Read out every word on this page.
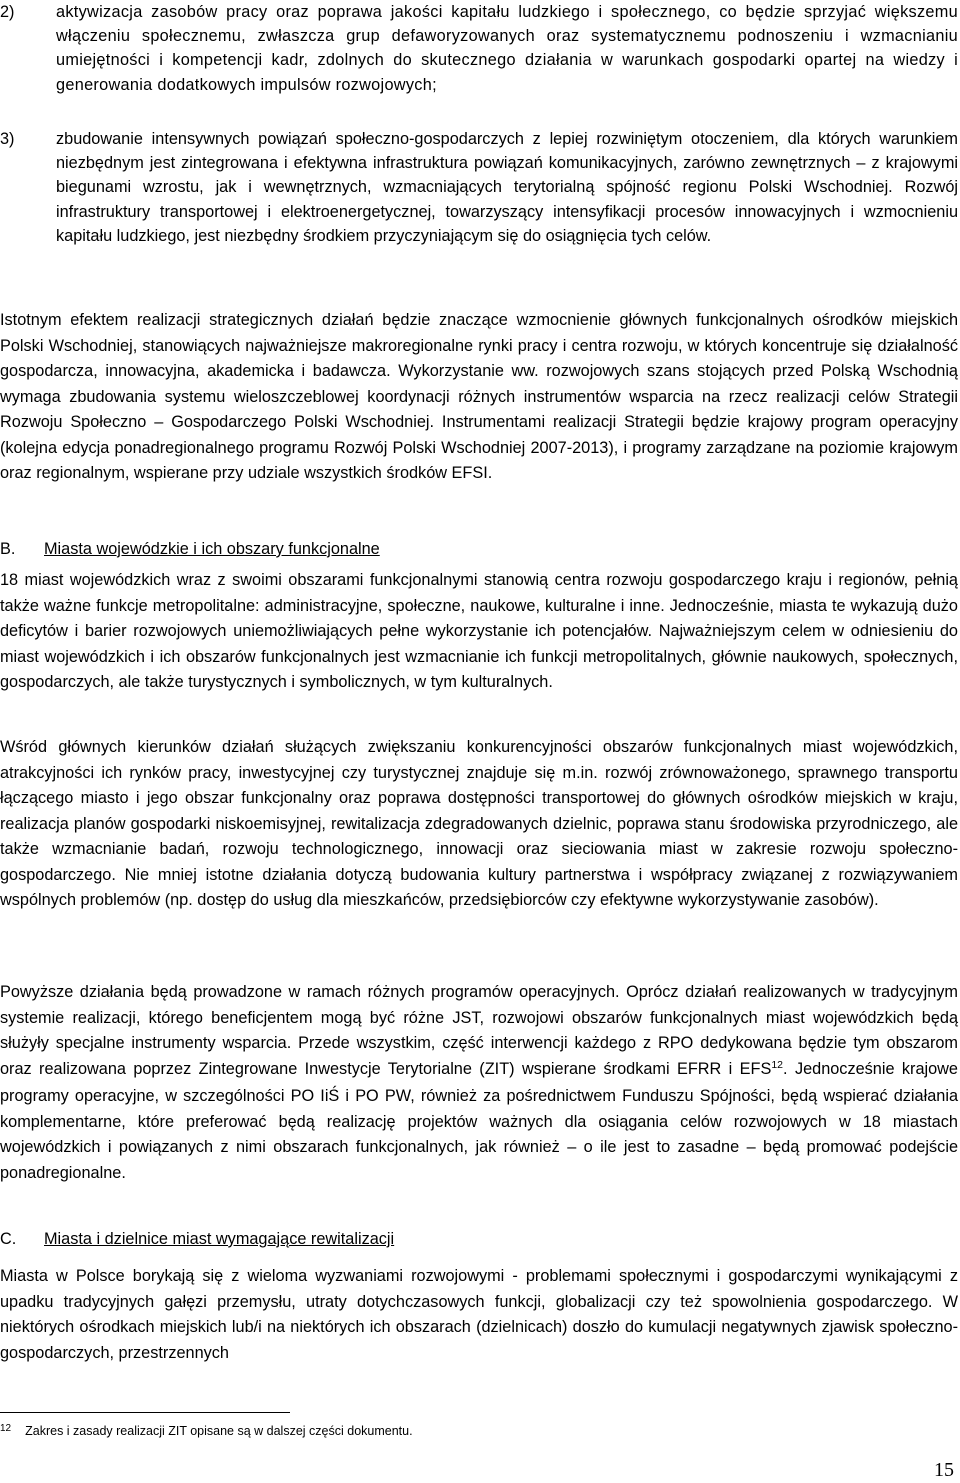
2)	aktywizacja zasobów pracy oraz poprawa jakości kapitału ludzkiego i społecznego, co będzie sprzyjać większemu włączeniu społecznemu, zwłaszcza grup defaworyzowanych oraz systematycznemu podnoszeniu i wzmacnianiu umiejętności i kompetencji kadr, zdolnych do skutecznego działania w warunkach gospodarki opartej na wiedzy i generowania dodatkowych impulsów rozwojowych;
3)	zbudowanie intensywnych powiązań społeczno-gospodarczych z lepiej rozwiniętym otoczeniem, dla których warunkiem niezbędnym jest zintegrowana i efektywna infrastruktura powiązań komunikacyjnych, zarówno zewnętrznych – z krajowymi biegunami wzrostu, jak i wewnętrznych, wzmacniających terytorialną spójność regionu Polski Wschodniej. Rozwój infrastruktury transportowej i elektroenergetycznej, towarzyszący intensyfikacji procesów innowacyjnych i wzmocnieniu kapitału ludzkiego, jest niezbędny środkiem przyczyniającym się do osiągnięcia tych celów.

Istotnym efektem realizacji strategicznych działań będzie znaczące wzmocnienie głównych funkcjonalnych ośrodków miejskich Polski Wschodniej, stanowiących najważniejsze makroregionalne rynki pracy i centra rozwoju, w których koncentruje się działalność gospodarcza, innowacyjna, akademicka i badawcza. Wykorzystanie ww. rozwojowych szans stojących przed Polską Wschodnią wymaga zbudowania systemu wieloszczeblowej koordynacji różnych instrumentów wsparcia na rzecz realizacji celów Strategii Rozwoju Społeczno – Gospodarczego Polski Wschodniej. Instrumentami realizacji Strategii będzie krajowy program operacyjny (kolejna edycja ponadregionalnego programu Rozwój Polski Wschodniej 2007-2013), i programy zarządzane na poziomie krajowym oraz regionalnym, wspierane przy udziale wszystkich środków EFSI.

B.	Miasta wojewódzkie i ich obszary funkcjonalne

18 miast wojewódzkich wraz z swoimi obszarami funkcjonalnymi stanowią centra rozwoju gospodarczego kraju i regionów, pełnią także ważne funkcje metropolitalne: administracyjne, społeczne, naukowe, kulturalne i inne. Jednocześnie, miasta te wykazują dużo deficytów i barier rozwojowych uniemożliwiających pełne wykorzystanie ich potencjałów. Najważniejszym celem w odniesieniu do miast wojewódzkich i ich obszarów funkcjonalnych jest wzmacnianie ich funkcji metropolitalnych, głównie naukowych, społecznych, gospodarczych, ale także turystycznych i symbolicznych, w tym kulturalnych.

Wśród głównych kierunków działań służących zwiększaniu konkurencyjności obszarów funkcjonalnych miast wojewódzkich, atrakcyjności ich rynków pracy, inwestycyjnej czy turystycznej znajduje się m.in. rozwój zrównoważonego, sprawnego transportu łączącego miasto i jego obszar funkcjonalny oraz poprawa dostępności transportowej do głównych ośrodków miejskich w kraju, realizacja planów gospodarki niskoemisyjnej, rewitalizacja zdegradowanych dzielnic, poprawa stanu środowiska przyrodniczego, ale także wzmacnianie badań, rozwoju technologicznego, innowacji oraz sieciowania miast w zakresie rozwoju społeczno-gospodarczego. Nie mniej istotne działania dotyczą budowania kultury partnerstwa i współpracy związanej z rozwiązywaniem wspólnych problemów (np. dostęp do usług dla mieszkańców, przedsiębiorców czy efektywne wykorzystywanie zasobów).

Powyższe działania będą prowadzone w ramach różnych programów operacyjnych. Oprócz działań realizowanych w tradycyjnym systemie realizacji, którego beneficjentem mogą być różne JST, rozwojowi obszarów funkcjonalnych miast wojewódzkich będą służyły specjalne instrumenty wsparcia. Przede wszystkim, część interwencji każdego z RPO dedykowana będzie tym obszarom oraz realizowana poprzez Zintegrowane Inwestycje Terytorialne (ZIT) wspierane środkami EFRR i EFS$^{12}$. Jednocześnie krajowe programy operacyjne, w szczególności PO IiŚ i PO PW, również za pośrednictwem Funduszu Spójności, będą wspierać działania komplementarne, które preferować będą realizację projektów ważnych dla osiągania celów rozwojowych w 18 miastach wojewódzkich i powiązanych z nimi obszarach funkcjonalnych, jak również – o ile jest to zasadne – będą promować podejście ponadregionalne.

C.	Miasta i dzielnice miast wymagające rewitalizacji

Miasta w Polsce borykają się z wieloma wyzwaniami rozwojowymi - problemami społecznymi i gospodarczymi wynikającymi z upadku tradycyjnych gałęzi przemysłu, utraty dotychczasowych funkcji, globalizacji czy też spowolnienia gospodarczego. W niektórych ośrodkach miejskich lub/i na niektórych ich obszarach (dzielnicach) doszło do kumulacji negatywnych zjawisk społeczno-gospodarczych, przestrzennych

$^{12}$ Zakres i zasady realizacji ZIT opisane są w dalszej części dokumentu.
15
